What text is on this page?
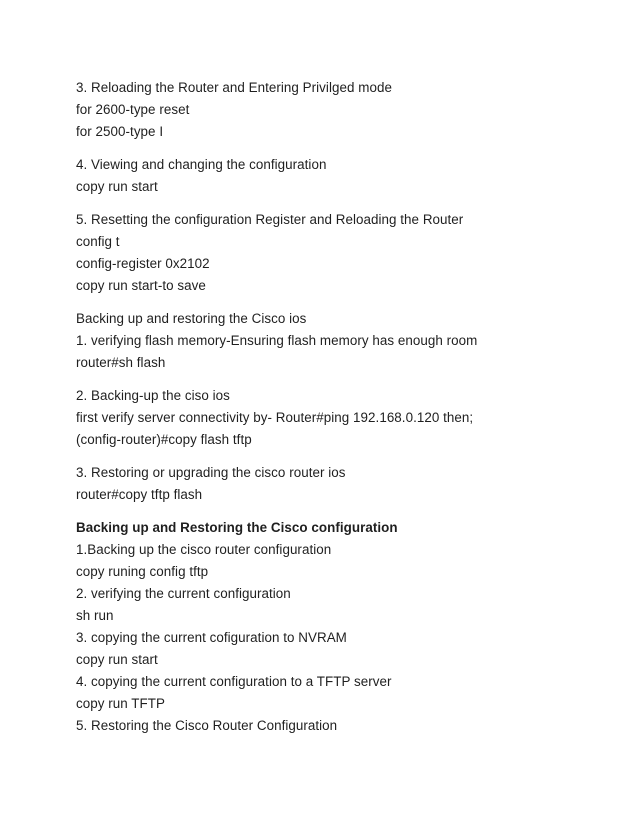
3. Reloading the Router and Entering Privilged mode
for 2600-type reset
for 2500-type I
4. Viewing and changing the configuration
copy run start
5. Resetting the configuration Register and Reloading the Router
config t
config-register 0x2102
copy run start-to save
Backing up and restoring the Cisco ios
1. verifying flash memory-Ensuring flash memory has enough room
router#sh flash
2. Backing-up the ciso ios
first verify server connectivity by- Router#ping 192.168.0.120 then;
(config-router)#copy flash tftp
3. Restoring or upgrading the cisco router ios
router#copy tftp flash
Backing up and Restoring the Cisco configuration
1.Backing up the cisco router configuration
copy runing config tftp
2. verifying the current configuration
sh run
3. copying the current cofiguration to NVRAM
copy run start
4. copying the current configuration to a TFTP server
copy run TFTP
5. Restoring the Cisco Router Configuration
